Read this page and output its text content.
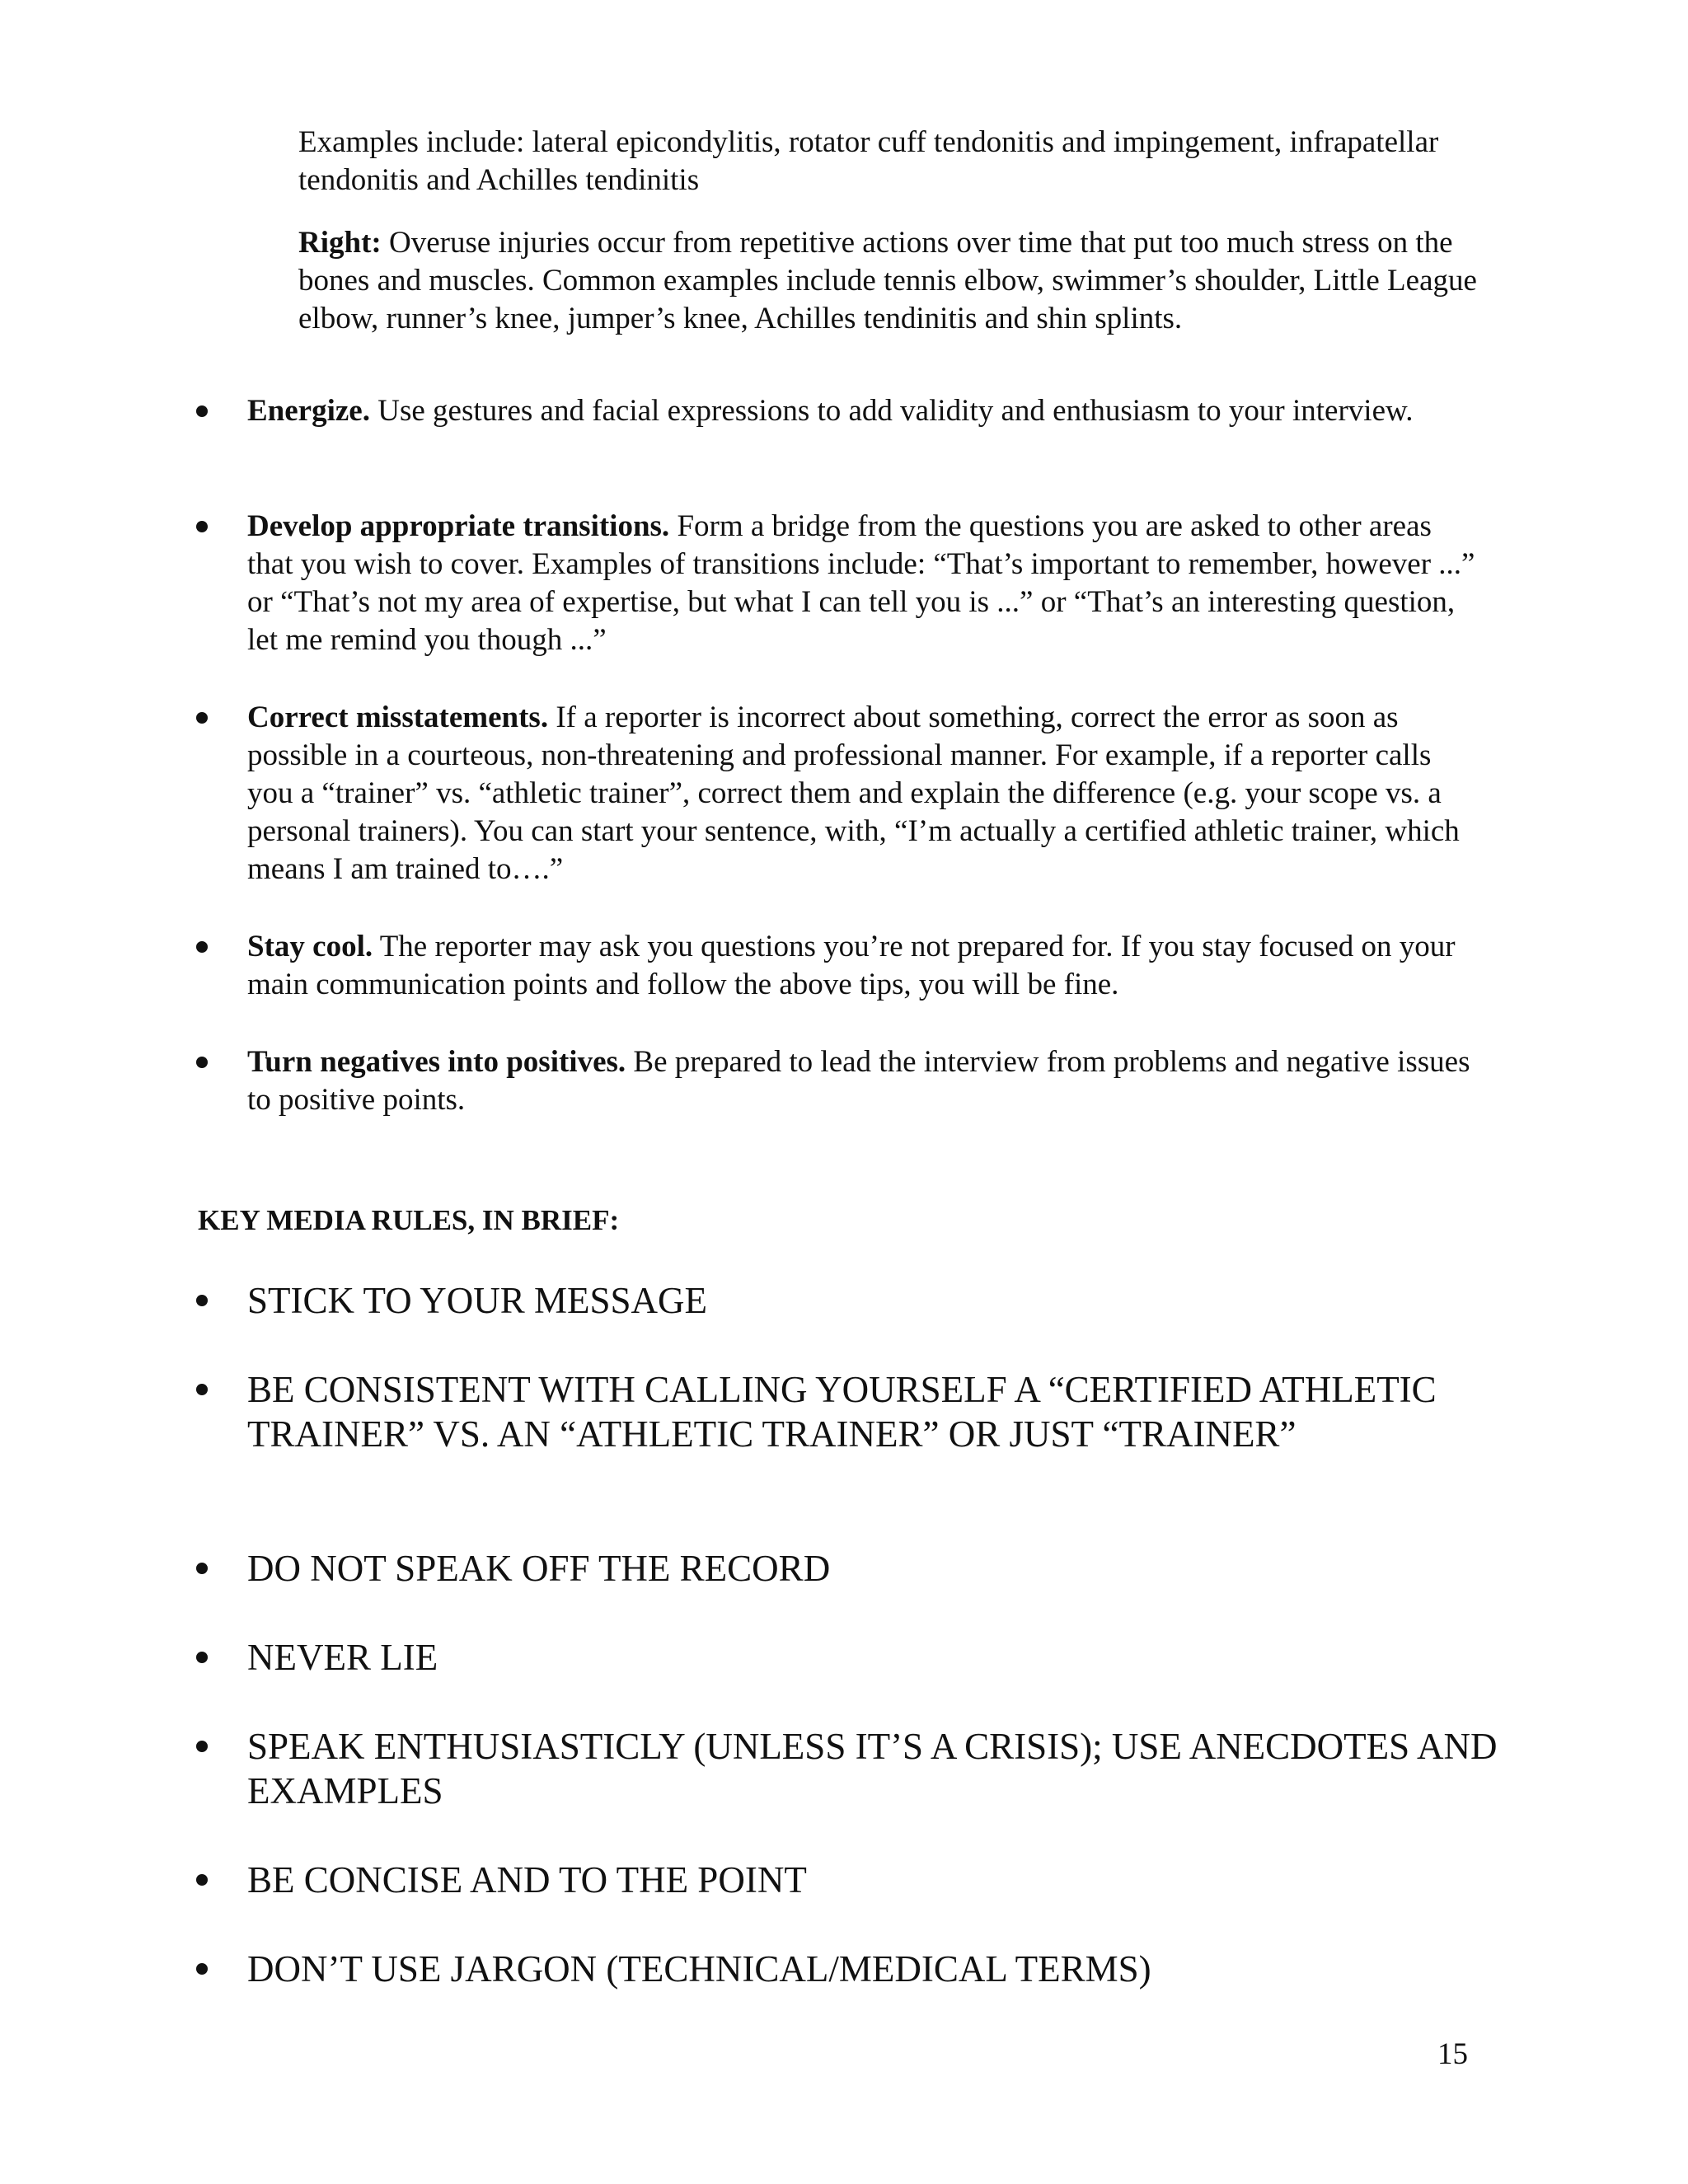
Examples include: lateral epicondylitis, rotator cuff tendonitis and impingement, infrapatellar tendonitis and Achilles tendinitis

Right: Overuse injuries occur from repetitive actions over time that put too much stress on the bones and muscles. Common examples include tennis elbow, swimmer’s shoulder, Little League elbow, runner’s knee, jumper’s knee, Achilles tendinitis and shin splints.

Energize. Use gestures and facial expressions to add validity and enthusiasm to your interview.
Develop appropriate transitions. Form a bridge from the questions you are asked to other areas that you wish to cover. Examples of transitions include: “That’s important to remember, however ...” or “That’s not my area of expertise, but what I can tell you is ...” or “That’s an interesting question, let me remind you though ...”
Correct misstatements. If a reporter is incorrect about something, correct the error as soon as possible in a courteous, non-threatening and professional manner. For example, if a reporter calls you a “trainer” vs. “athletic trainer”, correct them and explain the difference (e.g. your scope vs. a personal trainers). You can start your sentence, with, “I’m actually a certified athletic trainer, which means I am trained to….”
Stay cool. The reporter may ask you questions you’re not prepared for. If you stay focused on your main communication points and follow the above tips, you will be fine.
Turn negatives into positives. Be prepared to lead the interview from problems and negative issues to positive points.
KEY MEDIA RULES, IN BRIEF:
STICK TO YOUR MESSAGE
BE CONSISTENT WITH CALLING YOURSELF A “CERTIFIED ATHLETIC TRAINER” VS. AN “ATHLETIC TRAINER” OR JUST “TRAINER”
DO NOT SPEAK OFF THE RECORD
NEVER LIE
SPEAK ENTHUSIASTICLY (UNLESS IT’S A CRISIS); USE ANECDOTES AND EXAMPLES
BE CONCISE AND TO THE POINT
DON’T USE JARGON (TECHNICAL/MEDICAL TERMS)
15
